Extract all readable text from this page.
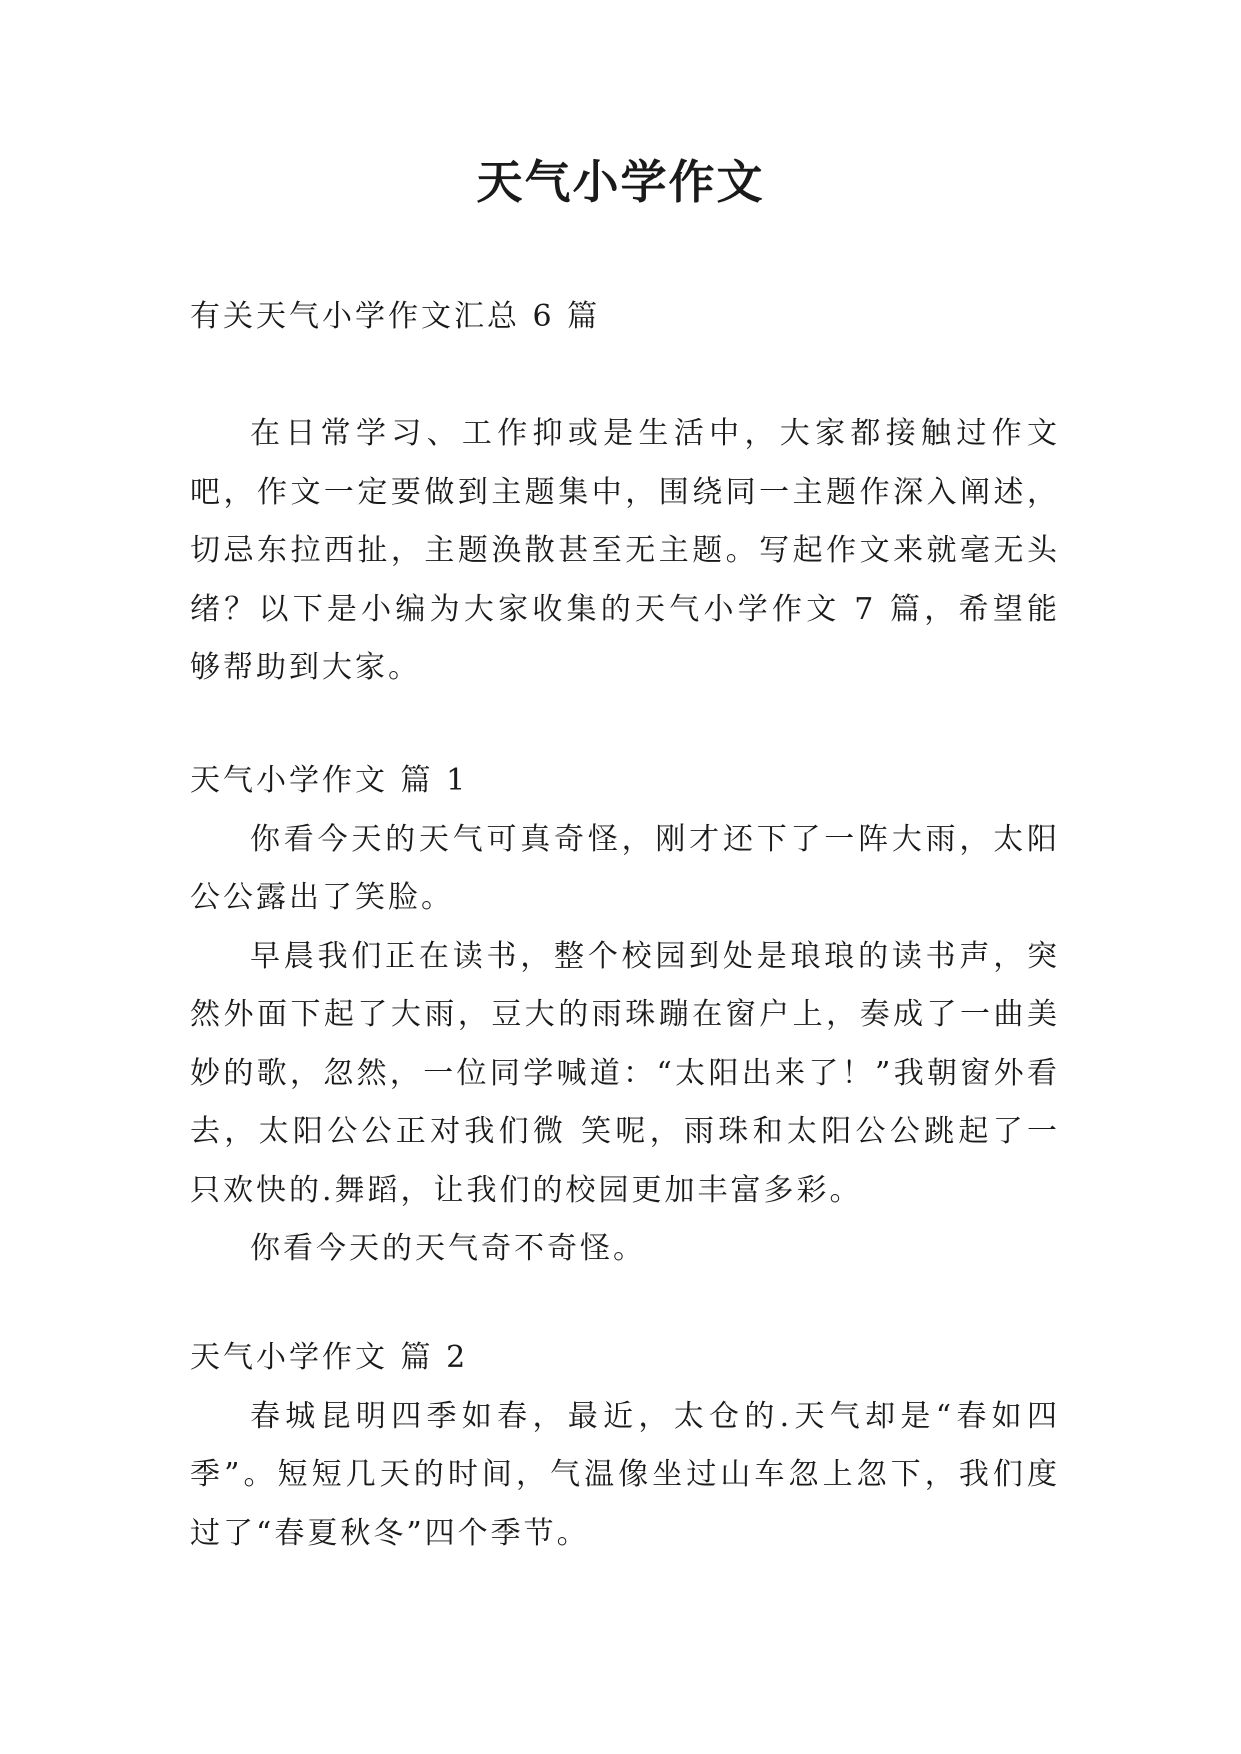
天气小学作文
有关天气小学作文汇总 6 篇

在日常学习、工作抑或是生活中，大家都接触过作文吧，作文一定要做到主题集中，围绕同一主题作深入阐述，切忌东拉西扯，主题涣散甚至无主题。写起作文来就毫无头绪？以下是小编为大家收集的天气小学作文 7 篇，希望能够帮助到大家。

天气小学作文 篇 1

你看今天的天气可真奇怪，刚才还下了一阵大雨，太阳公公露出了笑脸。

早晨我们正在读书，整个校园到处是琅琅的读书声，突然外面下起了大雨，豆大的雨珠蹦在窗户上，奏成了一曲美妙的歌，忽然，一位同学喊道：“太阳出来了！”我朝窗外看去，太阳公公正对我们微 笑呢，雨珠和太阳公公跳起了一只欢快的.舞蹈，让我们的校园更加丰富多彩。

你看今天的天气奇不奇怪。

天气小学作文 篇 2

春城昆明四季如春，最近，太仓的.天气却是“春如四季”。短短几天的时间，气温像坐过山车忽上忽下，我们度过了“春夏秋冬”四个季节。
